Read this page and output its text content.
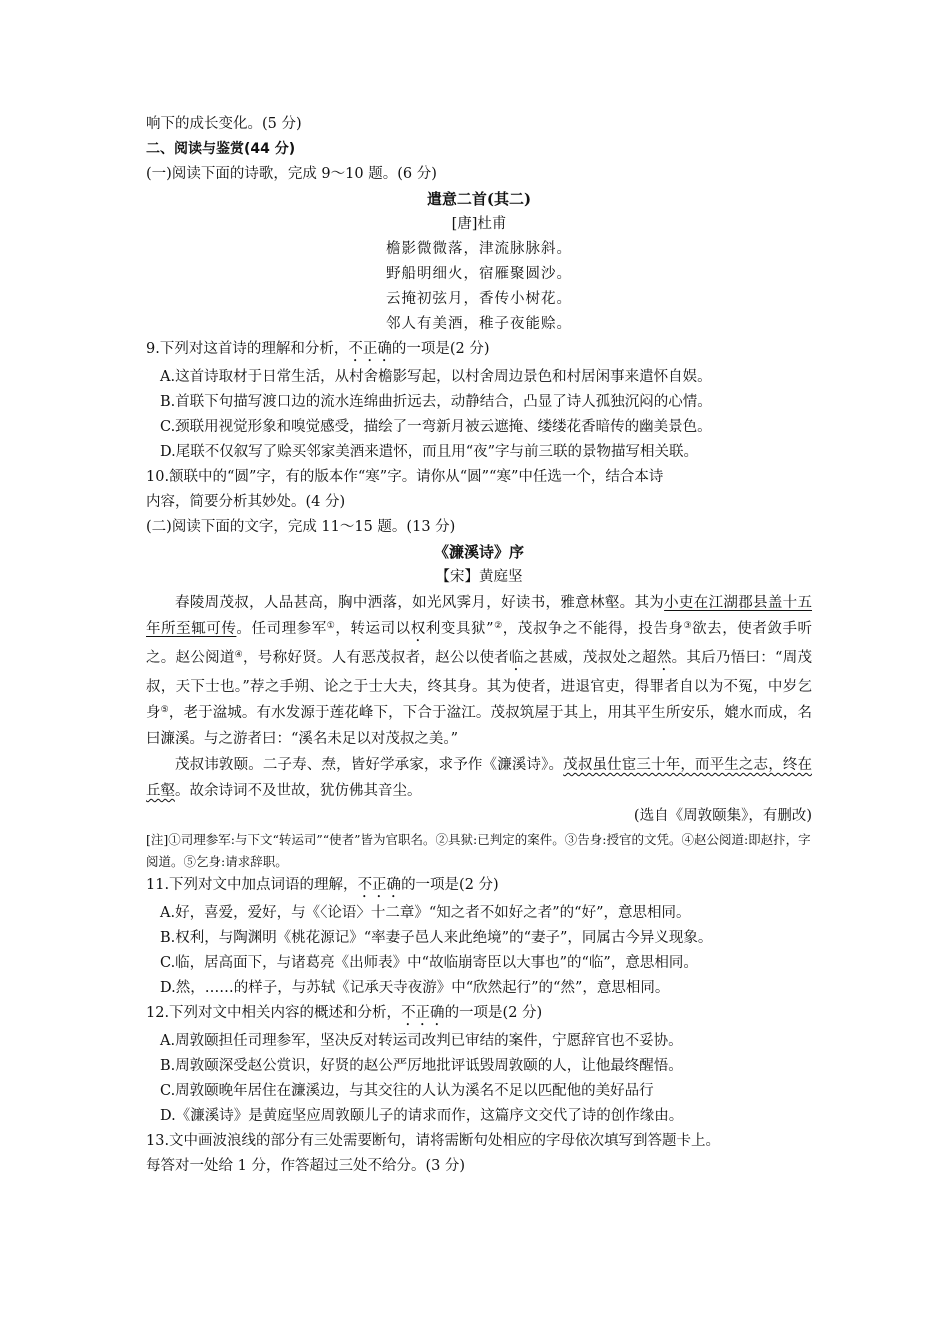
响下的成长变化。(5 分)
二、阅读与鉴赏(44 分)
(一)阅读下面的诗歌，完成 9～10 题。(6 分)
遣意二首(其二)
[唐]杜甫
檐影微微落，津流脉脉斜。
野船明细火，宿雁聚圆沙。
云掩初弦月，香传小树花。
邻人有美酒，稚子夜能赊。
9.下列对这首诗的理解和分析，不正确的一项是(2 分)
A.这首诗取材于日常生活，从村舍檐影写起，以村舍周边景色和村居闲事来遣怀自娱。
B.首联下句描写渡口边的流水连绵曲折远去，动静结合，凸显了诗人孤独沉闷的心情。
C.颈联用视觉形象和嗅觉感受，描绘了一弯新月被云遮掩、缕缕花香暗传的幽美景色。
D.尾联不仅叙写了赊买邻家美酒来遣怀，而且用“夜”字与前三联的景物描写相关联。
10.颔联中的“圆”字，有的版本作“寒”字。请你从“圆”“寒”中任选一个，结合本诗
内容，简要分析其妙处。(4 分)
(二)阅读下面的文字，完成 11～15 题。(13 分)
《濂溪诗》序
【宋】黄庭坚
春陵周茂叔，人品甚高，胸中洒落，如光风霁月，好读书，雅意林壑。其为小吏在江湖郡县盖十五年所至辄可传。任司理参军①，转运司以权利变具狱”②，茂叔争之不能得，投告身③欲去，使者敛手听之。赵公阅道④，号称好贤。人有恶茂叔者，赵公以使者临之甚威，茂叔处之超然。其后乃悟曰：“周茂叔，天下士也。”荐之手朔、论之于士大夫，终其身。其为使者，进退官吏，得罪者自以为不冤，中岁乞身⑤，老于湓城。有水发源于莲花峰下，下合于湓江。茂叔筑屋于其上，用其平生所安乐，媲水而成，名曰濂溪。与之游者曰：“溪名未足以对茂叔之美。”
茂叔讳敦颐。二子寿、焘，皆好学承家，求予作《濂溪诗》。茂叔虽仕宦三十年，而平生之志，终在丘壑。故余诗词不及世故，犹仿佛其音尘。
(选自《周敦颐集》，有删改)
[注]①司理参军:与下文“转运司”“使者”皆为官职名。②具狱:已判定的案件。③告身:授官的文凭。④赵公阅道:即赵抃，字阅道。⑤乞身:请求辞职。
11.下列对文中加点词语的理解，不正确的一项是(2 分)
A.好，喜爱，爱好，与《〈论语〉十二章》“知之者不如好之者”的“好”，意思相同。
B.权利，与陶渊明《桃花源记》“率妻子邑人来此绝境”的“妻子”，同属古今异义现象。
C.临，居高面下，与诸葛亮《出师表》中“故临崩寄臣以大事也”的“临”，意思相同。
D.然，……的样子，与苏轼《记承天寺夜游》中“欣然起行”的“然”，意思相同。
12.下列对文中相关内容的概述和分析，不正确的一项是(2 分)
A.周敦颐担任司理参军，坚决反对转运司改判已审结的案件，宁愿辞官也不妥协。
B.周敦颐深受赵公赏识，好贤的赵公严厉地批评诋毁周敦颐的人，让他最终醒悟。
C.周敦颐晚年居住在濂溪边，与其交往的人认为溪名不足以匹配他的美好品行
D.《濂溪诗》是黄庭坚应周敦颐儿子的请求而作，这篇序文交代了诗的创作缘由。
13.文中画波浪线的部分有三处需要断句，请将需断句处相应的字母依次填写到答题卡上。
每答对一处给 1 分，作答超过三处不给分。(3 分)
